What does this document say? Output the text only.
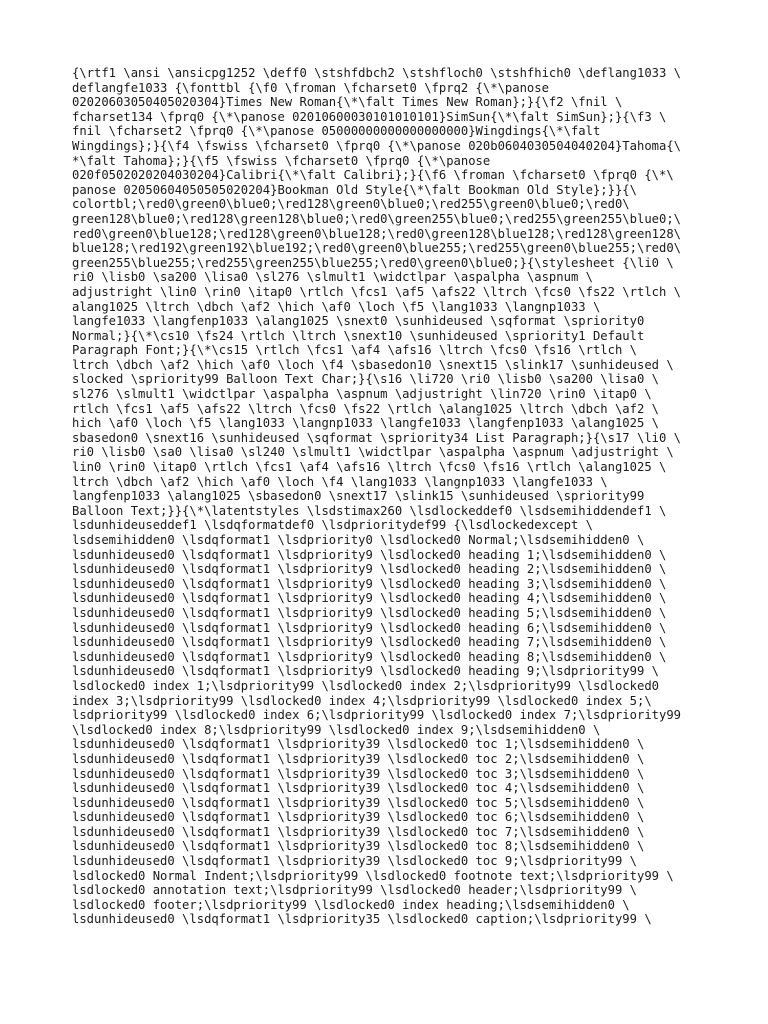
{\rtf1 \ansi \ansicpg1252 \deff0 \stshfdbch2 \stshfloch0 \stshfhich0 \deflang1033 \
deflangfe1033 {\fonttbl {\f0 \froman \fcharset0 \fprq2 {\*\panose
02020603050405020304}Times New Roman{\*\falt Times New Roman};}{\f2 \fnil \
fcharset134 \fprq0 {\*\panose 02010600030101010101}SimSun{\*\falt SimSun};}{\f3 \
fnil \fcharset2 \fprq0 {\*\panose 05000000000000000000}Wingdings{\*\falt
Wingdings};}{\f4 \fswiss \fcharset0 \fprq0 {\*\panose 020b0604030504040204}Tahoma{\
*\falt Tahoma};}{\f5 \fswiss \fcharset0 \fprq0 {\*\panose
020f0502020204030204}Calibri{\*\falt Calibri};}{\f6 \froman \fcharset0 \fprq0 {\*\
panose 02050604050505020204}Bookman Old Style{\*\falt Bookman Old Style};}}{\
colortbl;\red0\green0\blue0;\red128\green0\blue0;\red255\green0\blue0;\red0\
green128\blue0;\red128\green128\blue0;\red0\green255\blue0;\red255\green255\blue0;\
red0\green0\blue128;\red128\green0\blue128;\red0\green128\blue128;\red128\green128\
blue128;\red192\green192\blue192;\red0\green0\blue255;\red255\green0\blue255;\red0\
green255\blue255;\red255\green255\blue255;\red0\green0\blue0;}{\stylesheet {\li0 \
ri0 \lisb0 \sa200 \lisa0 \sl276 \slmult1 \widctlpar \aspalpha \aspnum \
adjustright \lin0 \rin0 \itap0 \rtlch \fcs1 \af5 \afs22 \ltrch \fcs0 \fs22 \rtlch \
alang1025 \ltrch \dbch \af2 \hich \af0 \loch \f5 \lang1033 \langnp1033 \
langfe1033 \langfenp1033 \alang1025 \snext0 \sunhideused \sqformat \spriority0
Normal;}{\*\cs10 \fs24 \rtlch \ltrch \snext10 \sunhideused \spriority1 Default
Paragraph Font;}{\*\cs15 \rtlch \fcs1 \af4 \afs16 \ltrch \fcs0 \fs16 \rtlch \
ltrch \dbch \af2 \hich \af0 \loch \f4 \sbasedon10 \snext15 \slink17 \sunhideused \
slocked \spriority99 Balloon Text Char;}{\s16 \li720 \ri0 \lisb0 \sa200 \lisa0 \
sl276 \slmult1 \widctlpar \aspalpha \aspnum \adjustright \lin720 \rin0 \itap0 \
rtlch \fcs1 \af5 \afs22 \ltrch \fcs0 \fs22 \rtlch \alang1025 \ltrch \dbch \af2 \
hich \af0 \loch \f5 \lang1033 \langnp1033 \langfe1033 \langfenp1033 \alang1025 \
sbasedon0 \snext16 \sunhideused \sqformat \spriority34 List Paragraph;}{\s17 \li0 \
ri0 \lisb0 \sa0 \lisa0 \sl240 \slmult1 \widctlpar \aspalpha \aspnum \adjustright \
lin0 \rin0 \itap0 \rtlch \fcs1 \af4 \afs16 \ltrch \fcs0 \fs16 \rtlch \alang1025 \
ltrch \dbch \af2 \hich \af0 \loch \f4 \lang1033 \langnp1033 \langfe1033 \
langfenp1033 \alang1025 \sbasedon0 \snext17 \slink15 \sunhideused \spriority99
Balloon Text;}}{\*\latentstyles \lsdstimax260 \lsdlockeddef0 \lsdsemihiddendef1 \
lsdunhideuseddef1 \lsdqformatdef0 \lsdprioritydef99 {\lsdlockedexcept \
lsdsemihidden0 \lsdqformat1 \lsdpriority0 \lsdlocked0 Normal;\lsdsemihidden0 \
lsdunhideused0 \lsdqformat1 \lsdpriority9 \lsdlocked0 heading 1;\lsdsemihidden0 \
lsdunhideused0 \lsdqformat1 \lsdpriority9 \lsdlocked0 heading 2;\lsdsemihidden0 \
lsdunhideused0 \lsdqformat1 \lsdpriority9 \lsdlocked0 heading 3;\lsdsemihidden0 \
lsdunhideused0 \lsdqformat1 \lsdpriority9 \lsdlocked0 heading 4;\lsdsemihidden0 \
lsdunhideused0 \lsdqformat1 \lsdpriority9 \lsdlocked0 heading 5;\lsdsemihidden0 \
lsdunhideused0 \lsdqformat1 \lsdpriority9 \lsdlocked0 heading 6;\lsdsemihidden0 \
lsdunhideused0 \lsdqformat1 \lsdpriority9 \lsdlocked0 heading 7;\lsdsemihidden0 \
lsdunhideused0 \lsdqformat1 \lsdpriority9 \lsdlocked0 heading 8;\lsdsemihidden0 \
lsdunhideused0 \lsdqformat1 \lsdpriority9 \lsdlocked0 heading 9;\lsdpriority99 \
lsdlocked0 index 1;\lsdpriority99 \lsdlocked0 index 2;\lsdpriority99 \lsdlocked0
index 3;\lsdpriority99 \lsdlocked0 index 4;\lsdpriority99 \lsdlocked0 index 5;\
lsdpriority99 \lsdlocked0 index 6;\lsdpriority99 \lsdlocked0 index 7;\lsdpriority99
\lsdlocked0 index 8;\lsdpriority99 \lsdlocked0 index 9;\lsdsemihidden0 \
lsdunhideused0 \lsdqformat1 \lsdpriority39 \lsdlocked0 toc 1;\lsdsemihidden0 \
lsdunhideused0 \lsdqformat1 \lsdpriority39 \lsdlocked0 toc 2;\lsdsemihidden0 \
lsdunhideused0 \lsdqformat1 \lsdpriority39 \lsdlocked0 toc 3;\lsdsemihidden0 \
lsdunhideused0 \lsdqformat1 \lsdpriority39 \lsdlocked0 toc 4;\lsdsemihidden0 \
lsdunhideused0 \lsdqformat1 \lsdpriority39 \lsdlocked0 toc 5;\lsdsemihidden0 \
lsdunhideused0 \lsdqformat1 \lsdpriority39 \lsdlocked0 toc 6;\lsdsemihidden0 \
lsdunhideused0 \lsdqformat1 \lsdpriority39 \lsdlocked0 toc 7;\lsdsemihidden0 \
lsdunhideused0 \lsdqformat1 \lsdpriority39 \lsdlocked0 toc 8;\lsdsemihidden0 \
lsdunhideused0 \lsdqformat1 \lsdpriority39 \lsdlocked0 toc 9;\lsdpriority99 \
lsdlocked0 Normal Indent;\lsdpriority99 \lsdlocked0 footnote text;\lsdpriority99 \
lsdlocked0 annotation text;\lsdpriority99 \lsdlocked0 header;\lsdpriority99 \
lsdlocked0 footer;\lsdpriority99 \lsdlocked0 index heading;\lsdsemihidden0 \
lsdunhideused0 \lsdqformat1 \lsdpriority35 \lsdlocked0 caption;\lsdpriority99 \
